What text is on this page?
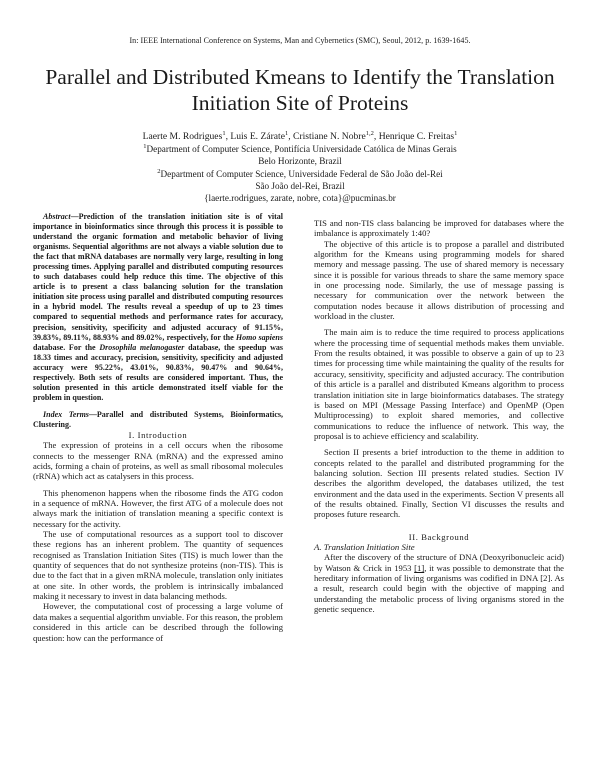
In: IEEE International Conference on Systems, Man and Cybernetics (SMC), Seoul, 2012, p. 1639-1645.
Parallel and Distributed Kmeans to Identify the Translation Initiation Site of Proteins
Laerte M. Rodrigues$^1$, Luis E. Zárate$^1$, Cristiane N. Nobre$^{1,2}$, Henrique C. Freitas$^1$
$^1$Department of Computer Science, Pontifícia Universidade Católica de Minas Gerais
Belo Horizonte, Brazil
$^2$Department of Computer Science, Universidade Federal de São João del-Rei
São João del-Rei, Brazil
{laerte.rodrigues, zarate, nobre, cota}@pucminas.br

Abstract—Prediction of the translation initiation site is of vital importance in bioinformatics since through this process it is possible to understand the organic formation and metabolic behavior of living organisms. Sequential algorithms are not always a viable solution due to the fact that mRNA databases are normally very large, resulting in long processing times. Applying parallel and distributed computing resources to such databases could help reduce this time. The objective of this article is to present a class balancing solution for the translation initiation site process using parallel and distributed computing resources in a hybrid model. The results reveal a speedup of up to 23 times compared to sequential methods and performance rates for accuracy, precision, sensitivity, specificity and adjusted accuracy of 91.15%, 39.83%, 89.11%, 88.93% and 89.02%, respectively, for the Homo sapiens database. For the Drosophila melanogaster database, the speedup was 18.33 times and accuracy, precision, sensitivity, specificity and adjusted accuracy were 95.22%, 43.01%, 90.83%, 90.47% and 90.64%, respectively. Both sets of results are considered important. Thus, the solution presented in this article demonstrated itself viable for the problem in question.

Index Terms—Parallel and distributed Systems, Bioinformatics, Clustering.

I. Introduction

The expression of proteins in a cell occurs when the ribosome connects to the messenger RNA (mRNA) and the expressed amino acids, forming a chain of proteins, as well as small ribosomal molecules (rRNA) which act as catalysers in this process.

This phenomenon happens when the ribosome finds the ATG codon in a sequence of mRNA. However, the first ATG of a molecule does not always mark the initiation of translation meaning a specific context is necessary for the activity.

The use of computational resources as a support tool to discover these regions has an inherent problem. The quantity of sequences recognised as Translation Initiation Sites (TIS) is much lower than the quantity of sequences that do not synthesize proteins (non-TIS). This is due to the fact that in a given mRNA molecule, translation only initiates at one site. In other words, the problem is intrinsically imbalanced making it necessary to invest in data balancing methods.

However, the computational cost of processing a large volume of data makes a sequential algorithm unviable. For this reason, the problem considered in this article can be described through the following question: how can the performance of

TIS and non-TIS class balancing be improved for databases where the imbalance is approximately 1:40?

The objective of this article is to propose a parallel and distributed algorithm for the Kmeans using programming models for shared memory and message passing. The use of shared memory is necessary since it is possible for various threads to share the same memory space in one processing node. Similarly, the use of message passing is necessary for communication over the network between the computation nodes because it allows distribution of processing and workload in the cluster.

The main aim is to reduce the time required to process applications where the processing time of sequential methods makes them unviable. From the results obtained, it was possible to observe a gain of up to 23 times for processing time while maintaining the quality of the results for accuracy, sensitivity, specificity and adjusted accuracy. The contribution of this article is a parallel and distributed Kmeans algorithm to process translation initiation site in large bioinformatics databases. The strategy is based on MPI (Message Passing Interface) and OpenMP (Open Multiprocessing) to exploit shared memories, and collective communications to reduce the influence of network. This way, the proposal is to achieve efficiency and scalability.

Section II presents a brief introduction to the theme in addition to concepts related to the parallel and distributed programming for the balancing solution. Section III presents related studies. Section IV describes the algorithm developed, the databases utilized, the test environment and the data used in the experiments. Section V presents all of the results obtained. Finally, Section VI discusses the results and proposes future research.

II. Background

A. Translation Initiation Site

After the discovery of the structure of DNA (Deoxyribonucleic acid) by Watson & Crick in 1953 [1], it was possible to demonstrate that the hereditary information of living organisms was codified in DNA [2]. As a result, research could begin with the objective of mapping and understanding the metabolic process of living organisms stored in the genetic sequence.
